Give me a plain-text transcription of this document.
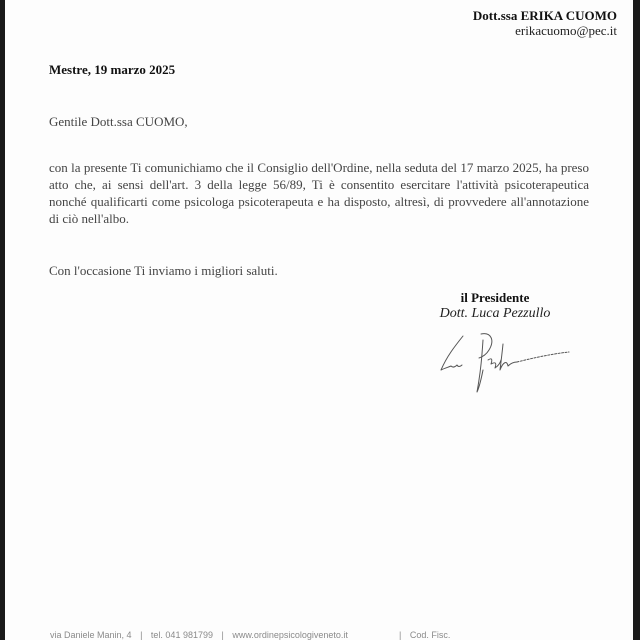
Dott.ssa ERIKA CUOMO
erikacuomo@pec.it
Mestre, 19 marzo 2025
Gentile Dott.ssa CUOMO,
con la presente Ti comunichiamo che il Consiglio dell'Ordine, nella seduta del 17 marzo 2025, ha preso atto che, ai sensi dell'art. 3 della legge 56/89, Ti è consentito esercitare l'attività psicoterapeutica nonché qualificarti come psicologa psicoterapeuta e ha disposto, altresì, di provvedere all'annotazione di ciò nell'albo.
Con l'occasione Ti inviamo i migliori saluti.
il Presidente
Dott. Luca Pezzullo
via Daniele Manin, 4 | tel. 041 981799 | www.ordinepsicologiveneto.it	| Cod. Fisc.
